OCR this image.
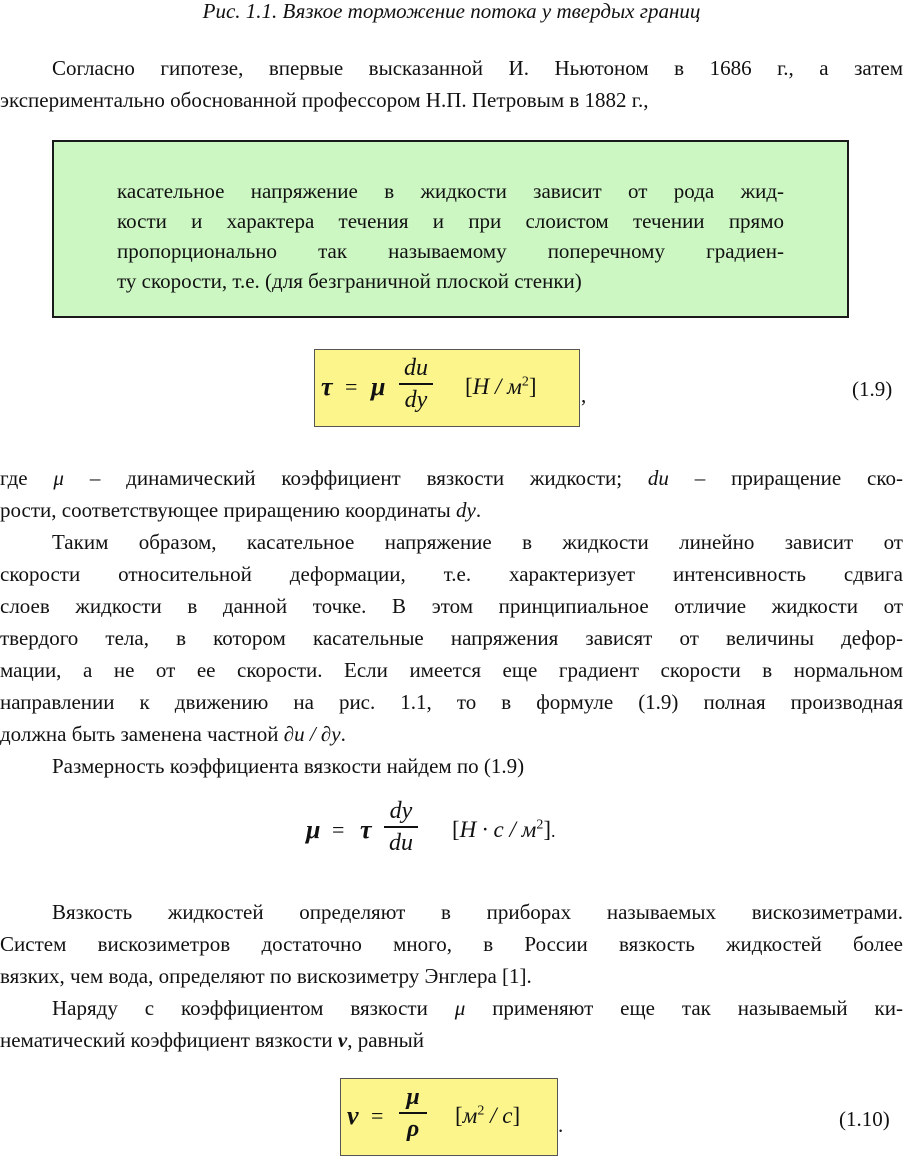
Рис. 1.1. Вязкое торможение потока у твердых границ
Согласно гипотезе, впервые высказанной И. Ньютоном в 1686 г., а затем
экспериментально обоснованной профессором Н.П. Петровым в 1882 г.,
касательное напряжение в жидкости зависит от рода жид-
кости и характера течения и при слоистом течении прямо
пропорционально так называемому поперечному градиен-
ту скорости, т.е. (для безграничной плоской стенки)
τ = μ
du
dy $[Н / м^2]$ ,	(1.9)
где μ – динамический коэффициент вязкости жидкости; du – приращение ско-
рости, соответствующее приращению координаты dy.
Таким образом, касательное напряжение в жидкости линейно зависит от
скорости относительной деформации, т.е. характеризует интенсивность сдвига
слоев жидкости в данной точке. В этом принципиальное отличие жидкости от
твердого тела, в котором касательные напряжения зависят от величины дефор-
мации, а не от ее скорости. Если имеется еще градиент скорости в нормальном
направлении к движению на рис. 1.1, то в формуле (1.9) полная производная
должна быть заменена частной ∂u / ∂y.
Размерность коэффициента вязкости найдем по (1.9)
μ = τ
dy
du $[Н \cdot с / м^2]$.
Вязкость жидкостей определяют в приборах называемых вискозиметрами.
Систем вискозиметров достаточно много, в России вязкость жидкостей более
вязких, чем вода, определяют по вискозиметру Энглера [1].
Наряду с коэффициентом вязкости μ применяют еще так называемый ки-
нематический коэффициент вязкости ν, равный
ν =
μ
ρ $[м^2 / с]$ .	(1.10)
